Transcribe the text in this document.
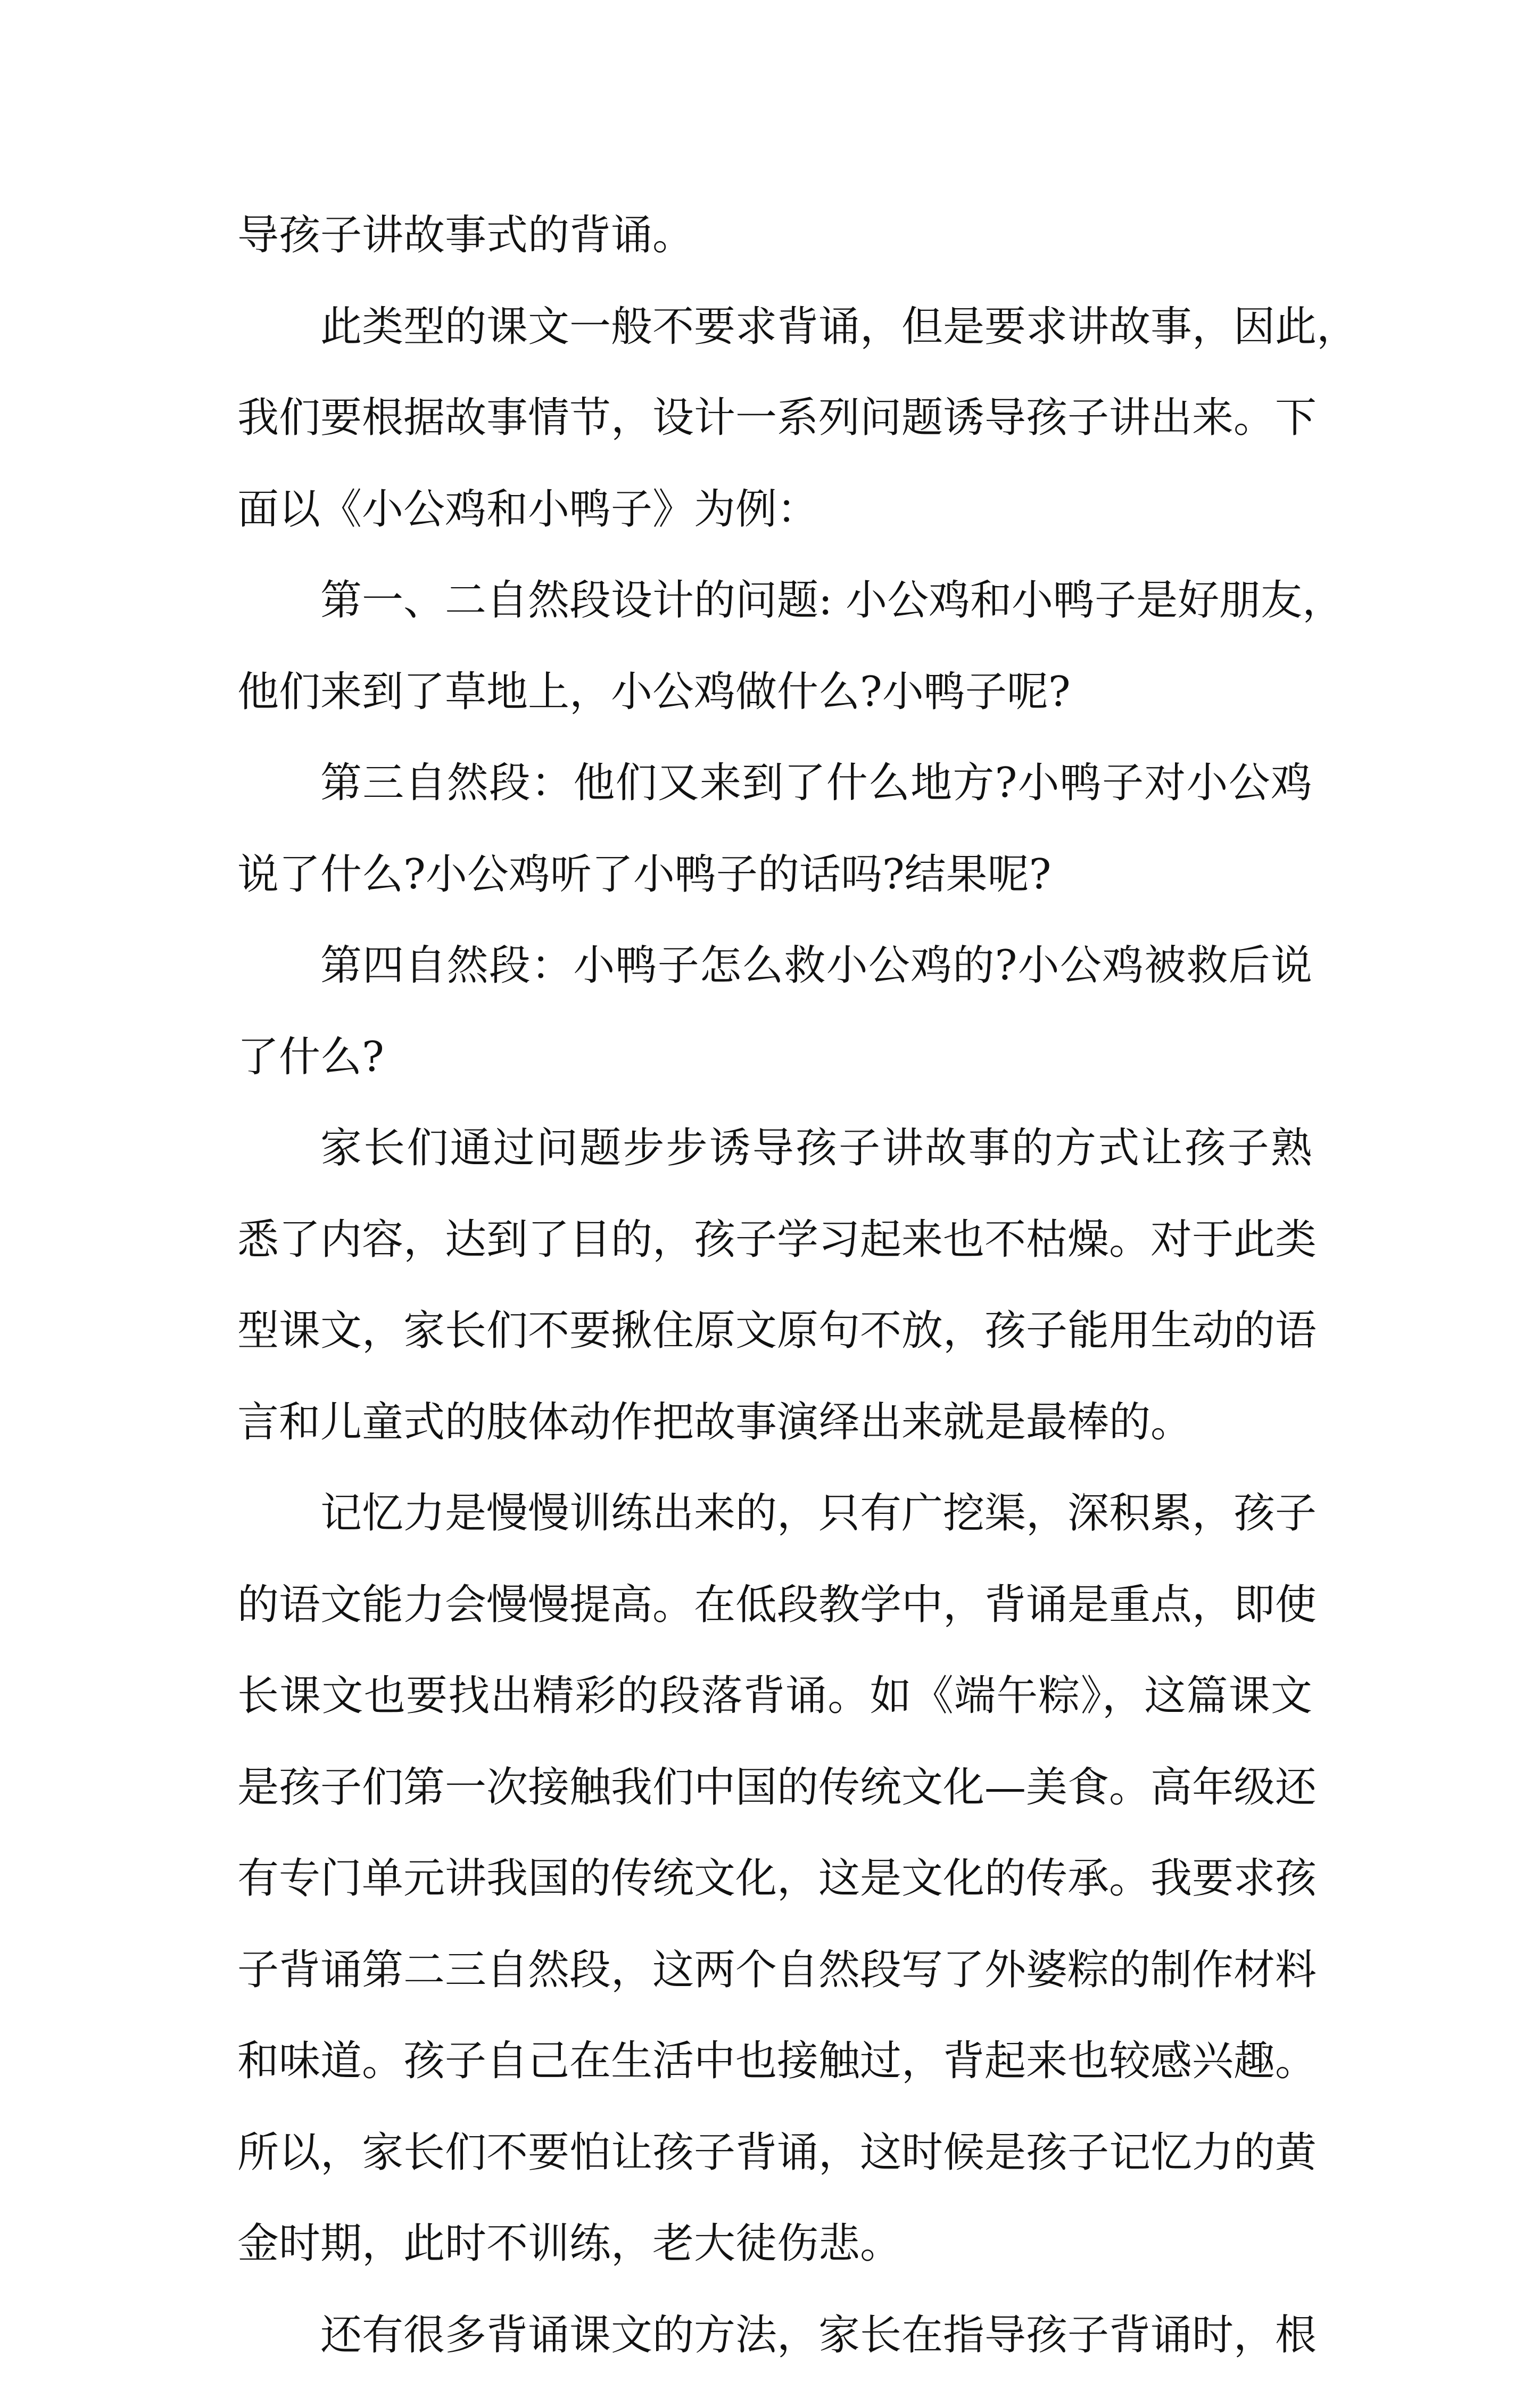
导孩子讲故事式的背诵。
此类型的课文一般不要求背诵，但是要求讲故事，因此，
我们要根据故事情节，设计一系列问题诱导孩子讲出来。下
面以《小公鸡和小鸭子》为例：
第一、二自然段设计的问题: 小公鸡和小鸭子是好朋友，
他们来到了草地上，小公鸡做什么?小鸭子呢?
第三自然段：他们又来到了什么地方?小鸭子对小公鸡
说了什么?小公鸡听了小鸭子的话吗?结果呢?
第四自然段：小鸭子怎么救小公鸡的?小公鸡被救后说
了什么?
家长们通过问题步步诱导孩子讲故事的方式让孩子熟
悉了内容，达到了目的，孩子学习起来也不枯燥。对于此类
型课文，家长们不要揪住原文原句不放，孩子能用生动的语
言和儿童式的肢体动作把故事演绎出来就是最棒的。
记忆力是慢慢训练出来的，只有广挖渠，深积累，孩子
的语文能力会慢慢提高。在低段教学中，背诵是重点，即使
长课文也要找出精彩的段落背诵。如《端午粽》，这篇课文
是孩子们第一次接触我们中国的传统文化—美食。高年级还
有专门单元讲我国的传统文化，这是文化的传承。我要求孩
子背诵第二三自然段，这两个自然段写了外婆粽的制作材料
和味道。孩子自己在生活中也接触过，背起来也较感兴趣。
所以，家长们不要怕让孩子背诵，这时候是孩子记忆力的黄
金时期，此时不训练，老大徒伤悲。
还有很多背诵课文的方法，家长在指导孩子背诵时，根
